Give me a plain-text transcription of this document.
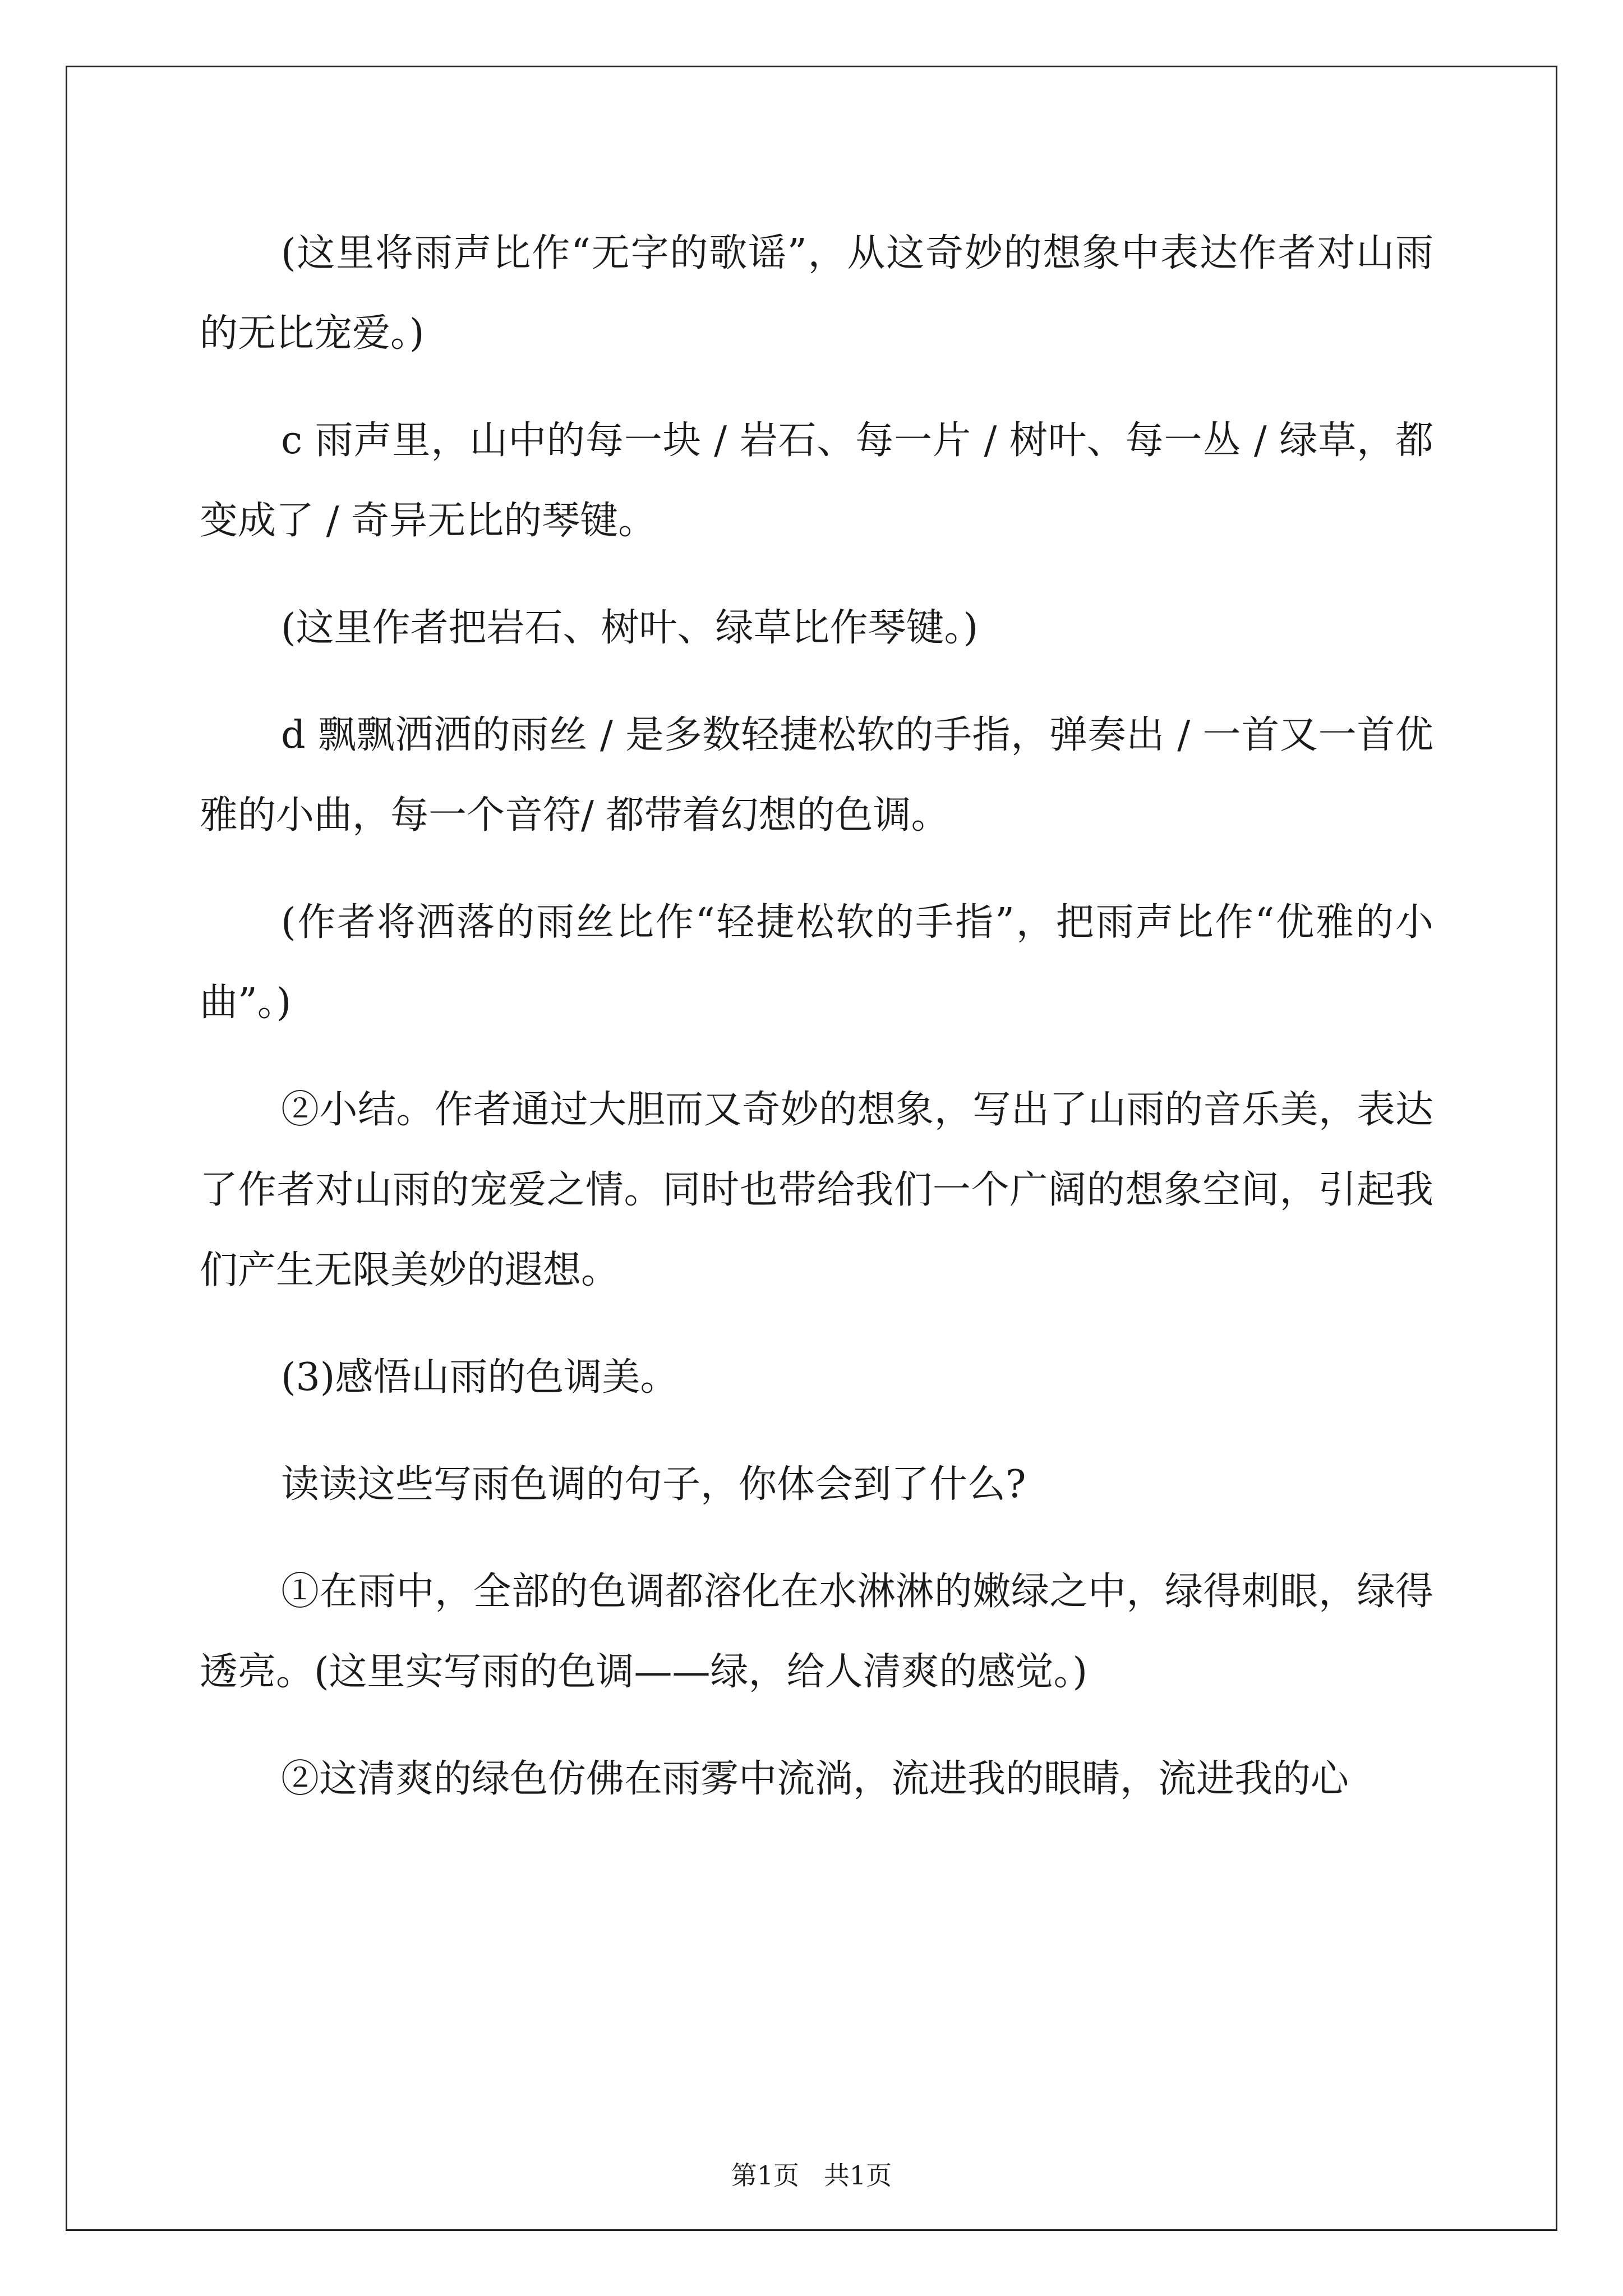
(这里将雨声比作“无字的歌谣”，从这奇妙的想象中表达作者对山雨的无比宠爱。)

c 雨声里，山中的每一块 / 岩石、每一片 / 树叶、每一丛 / 绿草，都变成了 / 奇异无比的琴键。

(这里作者把岩石、树叶、绿草比作琴键。)

d 飘飘洒洒的雨丝 / 是多数轻捷松软的手指，弹奏出 / 一首又一首优雅的小曲，每一个音符/ 都带着幻想的色调。

(作者将洒落的雨丝比作“轻捷松软的手指”，把雨声比作“优雅的小曲”。)

②小结。作者通过大胆而又奇妙的想象，写出了山雨的音乐美，表达了作者对山雨的宠爱之情。同时也带给我们一个广阔的想象空间，引起我们产生无限美妙的遐想。

(3)感悟山雨的色调美。

读读这些写雨色调的句子，你体会到了什么?

①在雨中，全部的色调都溶化在水淋淋的嫩绿之中，绿得刺眼，绿得透亮。(这里实写雨的色调——绿，给人清爽的感觉。)

②这清爽的绿色仿佛在雨雾中流淌，流进我的眼睛，流进我的心

第1页   共1页
